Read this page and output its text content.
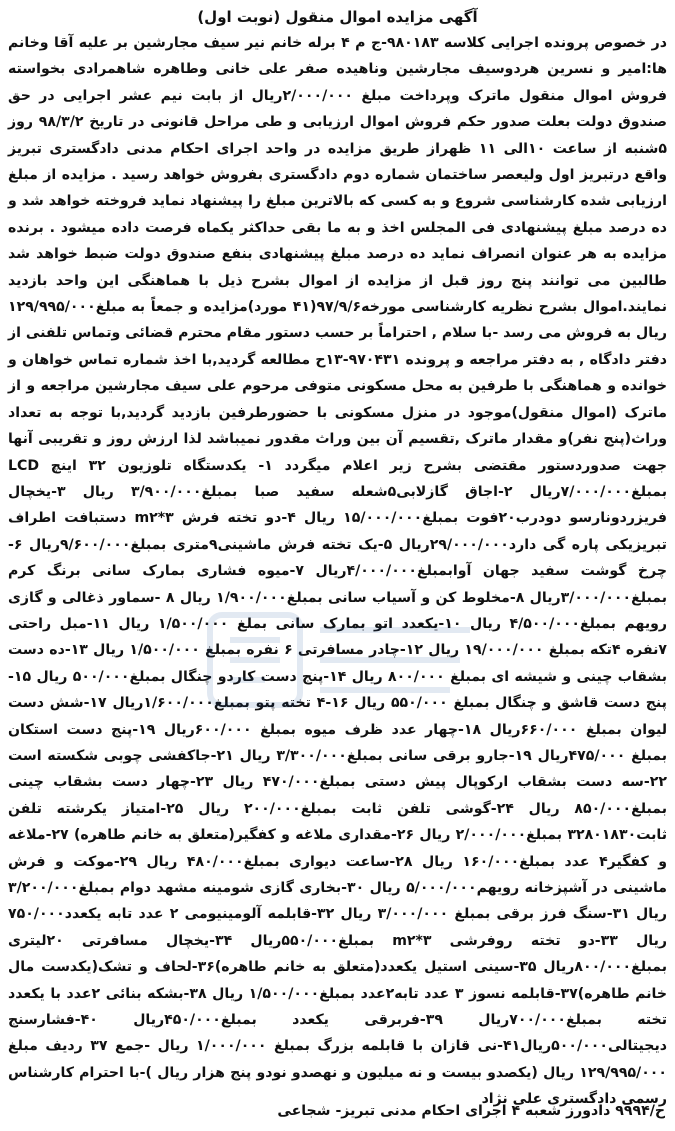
آگهی مزایده اموال منقول (نوبت اول)

در خصوص پرونده اجرایی کلاسه ۹۸۰۱۸۳-ج م ۴ برله خانم نیر سیف مجارشین بر علیه آقا وخانم ها:امیر و نسرین هردوسیف مجارشین وناهیده صفر علی خانی وطاهره شاهمرادی بخواسته فروش اموال منقول ماترک وپرداخت مبلغ ۲/۰۰۰/۰۰۰ریال از بابت نیم عشر اجرایی در حق صندوق دولت بعلت صدور حکم فروش اموال ارزیابی و طی مراحل قانونی در تاریخ ۹۸/۳/۲ روز ۵شنبه از ساعت ۱۰الی ۱۱ ظهراز طریق مزایده در واحد اجرای احکام مدنی دادگستری تبریز واقع درتبریز اول ولیعصر ساختمان شماره دوم دادگستری بفروش خواهد رسید . مزایده از مبلغ ارزیابی شده کارشناسی شروع و به کسی که بالاترین مبلغ را پیشنهاد نماید فروخته خواهد شد و ده درصد مبلغ پیشنهادی فی المجلس اخذ و به ما بقی حداکثر یکماه فرصت داده میشود . برنده مزایده به هر عنوان انصراف نماید ده درصد مبلغ پیشنهادی بنفع صندوق دولت ضبط خواهد شد طالبین می توانند پنج روز قبل از مزایده از اموال بشرح ذیل با هماهنگی این واحد بازدید نمایند.اموال بشرح نظریه کارشناسی مورخه۹۷/۹/۶(۴۱ مورد)مزایده و جمعاً به مبلغ۱۲۹/۹۹۵/۰۰۰ ریال به فروش می رسد -با سلام , احتراماً بر حسب دستور مقام محترم قضائی وتماس تلفنی از دفتر دادگاه , به دفتر مراجعه و پرونده ۹۷۰۴۳۱-۱۳ح مطالعه گردید,با اخذ شماره تماس خواهان و خوانده و هماهنگی با طرفین به محل مسکونی متوفی مرحوم علی سیف مجارشین مراجعه و از ماترک (اموال منقول)موجود در منزل مسکونی با حضورطرفین بازدید گردید,با توجه به تعداد وراث(پنج نفر)و مقدار ماترک ,تقسیم آن بین وراث مقدور نمیباشد لذا ارزش روز و تقریبی آنها جهت صدوردستور مقتضی بشرح زیر اعلام میگردد ۱- یکدستگاه تلوزیون ۳۲ اینچ LCD بمبلغ۷/۰۰۰/۰۰۰ریال ۲-اجاق گازلابی۵شعله سفید صبا بمبلغ۳/۹۰۰/۰۰۰ ریال ۳-یخچال فریزردونارسو دودرب۲۰فوت بمبلغ۱۵/۰۰۰/۰۰۰ ریال ۴-دو تخته فرش m۲*۳ دستبافت اطراف تبریزیکی پاره گی دارد۲۹/۰۰۰/۰۰۰ریال ۵-یک تخته فرش ماشینی۹متری بمبلغ۹/۶۰۰/۰۰۰ریال ۶-چرخ گوشت سفید جهان آوابمبلغ۴/۰۰۰/۰۰۰ریال ۷-میوه فشاری بمارک سانی برنگ کرم بمبلغ۳/۰۰۰/۰۰۰ریال ۸-مخلوط کن و آسیاب سانی بمبلغ۱/۹۰۰/۰۰۰ ریال ۸ -سماور ذغالی و گازی رویهم بمبلغ۴/۵۰۰/۰۰۰ ریال ۱۰-یکعدد اتو بمارک سانی بملغ ۱/۵۰۰/۰۰۰ ریال ۱۱-مبل راحتی ۷نفره ۴تکه بمبلغ ۱۹/۰۰۰/۰۰۰ ریال ۱۲-چادر مسافرتی ۶ نفره بمبلغ ۱/۵۰۰/۰۰۰ ریال ۱۳-ده دست بشقاب چینی و شیشه ای بمبلغ ۸۰۰/۰۰۰ ریال ۱۴-پنج دست کاردو چنگال بمبلغ۵۰۰/۰۰۰ ریال ۱۵-پنج دست قاشق و چنگال بمبلغ ۵۵۰/۰۰۰ ریال ۱۶-۴ تخته پتو بمبلغ۱/۶۰۰/۰۰۰ریال ۱۷-شش دست لیوان بمبلغ ۶۶۰/۰۰۰ریال ۱۸-چهار عدد ظرف میوه بمبلغ ۶۰۰/۰۰۰ریال ۱۹-پنج دست استکان بمبلغ ۴۷۵/۰۰۰ریال ۱۹-جارو برقی سانی بمبلغ۳/۳۰۰/۰۰۰ ریال ۲۱-جاکفشی چوبی شکسته است ۲۲-سه دست بشقاب ارکوپال پیش دستی بمبلغ۴۷۰/۰۰۰ ریال ۲۳-چهار دست بشقاب چینی بمبلغ۸۵۰/۰۰۰ ریال ۲۴-گوشی تلفن ثابت بمبلغ۲۰۰/۰۰۰ ریال ۲۵-امتیاز یکرشته تلفن ثابت۳۲۸۰۱۸۳۰ بمبلغ۲/۰۰۰/۰۰۰ ریال ۲۶-مقداری ملاغه و کفگیر(متعلق به خانم طاهره) ۲۷-ملاغه و کفگیر۴ عدد بمبلغ۱۶۰/۰۰۰ ریال ۲۸-ساعت دیواری بمبلغ۴۸۰/۰۰۰ ریال ۲۹-موکت و فرش ماشینی در آشپزخانه رویهم۵/۰۰۰/۰۰۰ ریال ۳۰-بخاری گازی شومینه مشهد دوام بمبلغ۳/۲۰۰/۰۰۰ ریال ۳۱-سنگ فرز برقی بمبلغ ۳/۰۰۰/۰۰۰ ریال ۳۲-قابلمه آلومینیومی ۲ عدد تابه یکعدد۷۵۰/۰۰۰ ریال ۳۳-دو تخته روفرشی m۲*۳ بمبلغ۵۵۰/۰۰۰ریال ۳۴-یخچال مسافرتی ۲۰لیتری بمبلغ۸۰۰/۰۰۰ریال ۳۵-سینی استیل یکعدد(متعلق به خانم طاهره)۳۶-لحاف و تشک(یکدست مال خانم طاهره)۳۷-قابلمه نسوز ۳ عدد تابه۲عدد بمبلغ۱/۵۰۰/۰۰۰ ریال ۳۸-بشکه بنائی ۲عدد با یکعدد تخته بمبلغ۷۰۰/۰۰۰ریال ۳۹-فربرقی یکعدد بمبلغ۴۵۰/۰۰۰ریال ۴۰-فشارسنج دیجیتالی۵۰۰/۰۰۰ریال۴۱-نی قازان با قابلمه بزرگ بمبلغ ۱/۰۰۰/۰۰۰ ریال -جمع ۳۷ ردیف مبلغ ۱۲۹/۹۹۵/۰۰۰ ریال (یکصدو بیست و نه میلیون و نهصدو نودو پنج هزار ریال )-با احترام کارشناس رسمی دادگستری علی نژاد

ح/۹۹۹۴ دادورز شعبه ۴ اجرای احکام مدنی تبریز- شجاعی
